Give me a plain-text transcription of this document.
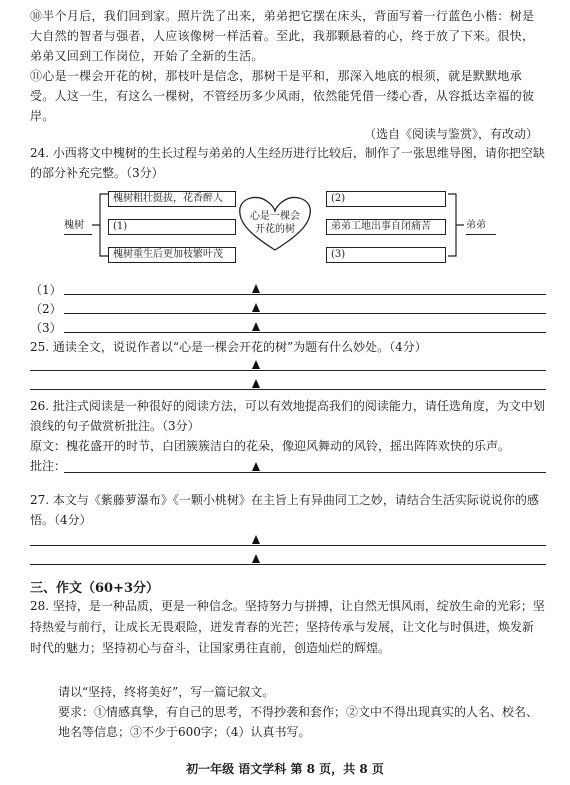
⑩半个月后，我们回到家。照片洗了出来，弟弟把它摆在床头，背面写着一行蓝色小楷：树是大自然的智者与强者，人应该像树一样活着。至此，我那颗悬着的心，终于放了下来。很快，弟弟又回到工作岗位，开始了全新的生活。
⑪心是一棵会开花的树，那枝叶是信念，那树干是平和，那深入地底的根须，就是默默地承受。人这一生，有这么一棵树，不管经历多少风雨，依然能凭借一缕心香，从容抵达幸福的彼岸。
（选自《阅读与鉴赏》，有改动）
24. 小西将文中槐树的生长过程与弟弟的人生经历进行比较后，制作了一张思维导图，请你把空缺的部分补充完整。（3分）
槐树
槐树粗壮挺拔，花香醉人
(1)
槐树重生后更加枝繁叶茂
心是一棵会开花的树
(2)
弟弟工地出事自闭痛苦
(3)
弟弟
（1）
（2）
（3）
25. 通读全文，说说作者以“心是一棵会开花的树”为题有什么妙处。（4分）
26. 批注式阅读是一种很好的阅读方法，可以有效地提高我们的阅读能力，请任选角度，为文中划浪线的句子做赏析批注。（3分）
原文：槐花盛开的时节，白团簇簇洁白的花朵，像迎风舞动的风铃，摇出阵阵欢快的乐声。
批注：
27. 本文与《紫藤萝瀑布》《一颗小桃树》在主旨上有异曲同工之妙，请结合生活实际说说你的感悟。（4分）
三、作文（60+3分）
28. 坚持，是一种品质，更是一种信念。坚持努力与拼搏，让自然无惧风雨，绽放生命的光彩；坚持热爱与前行，让成长无畏艰险，迸发青春的光芒；坚持传承与发展，让文化与时俱进，焕发新时代的魅力；坚持初心与奋斗，让国家勇往直前，创造灿烂的辉煌。
请以“坚持，终将美好”，写一篇记叙文。
要求：①情感真挚，有自己的思考，不得抄袭和套作；②文中不得出现真实的人名、校名、地名等信息；③不少于600字；（4）认真书写。
初一年级 语文学科 第 8 页，共 8 页
